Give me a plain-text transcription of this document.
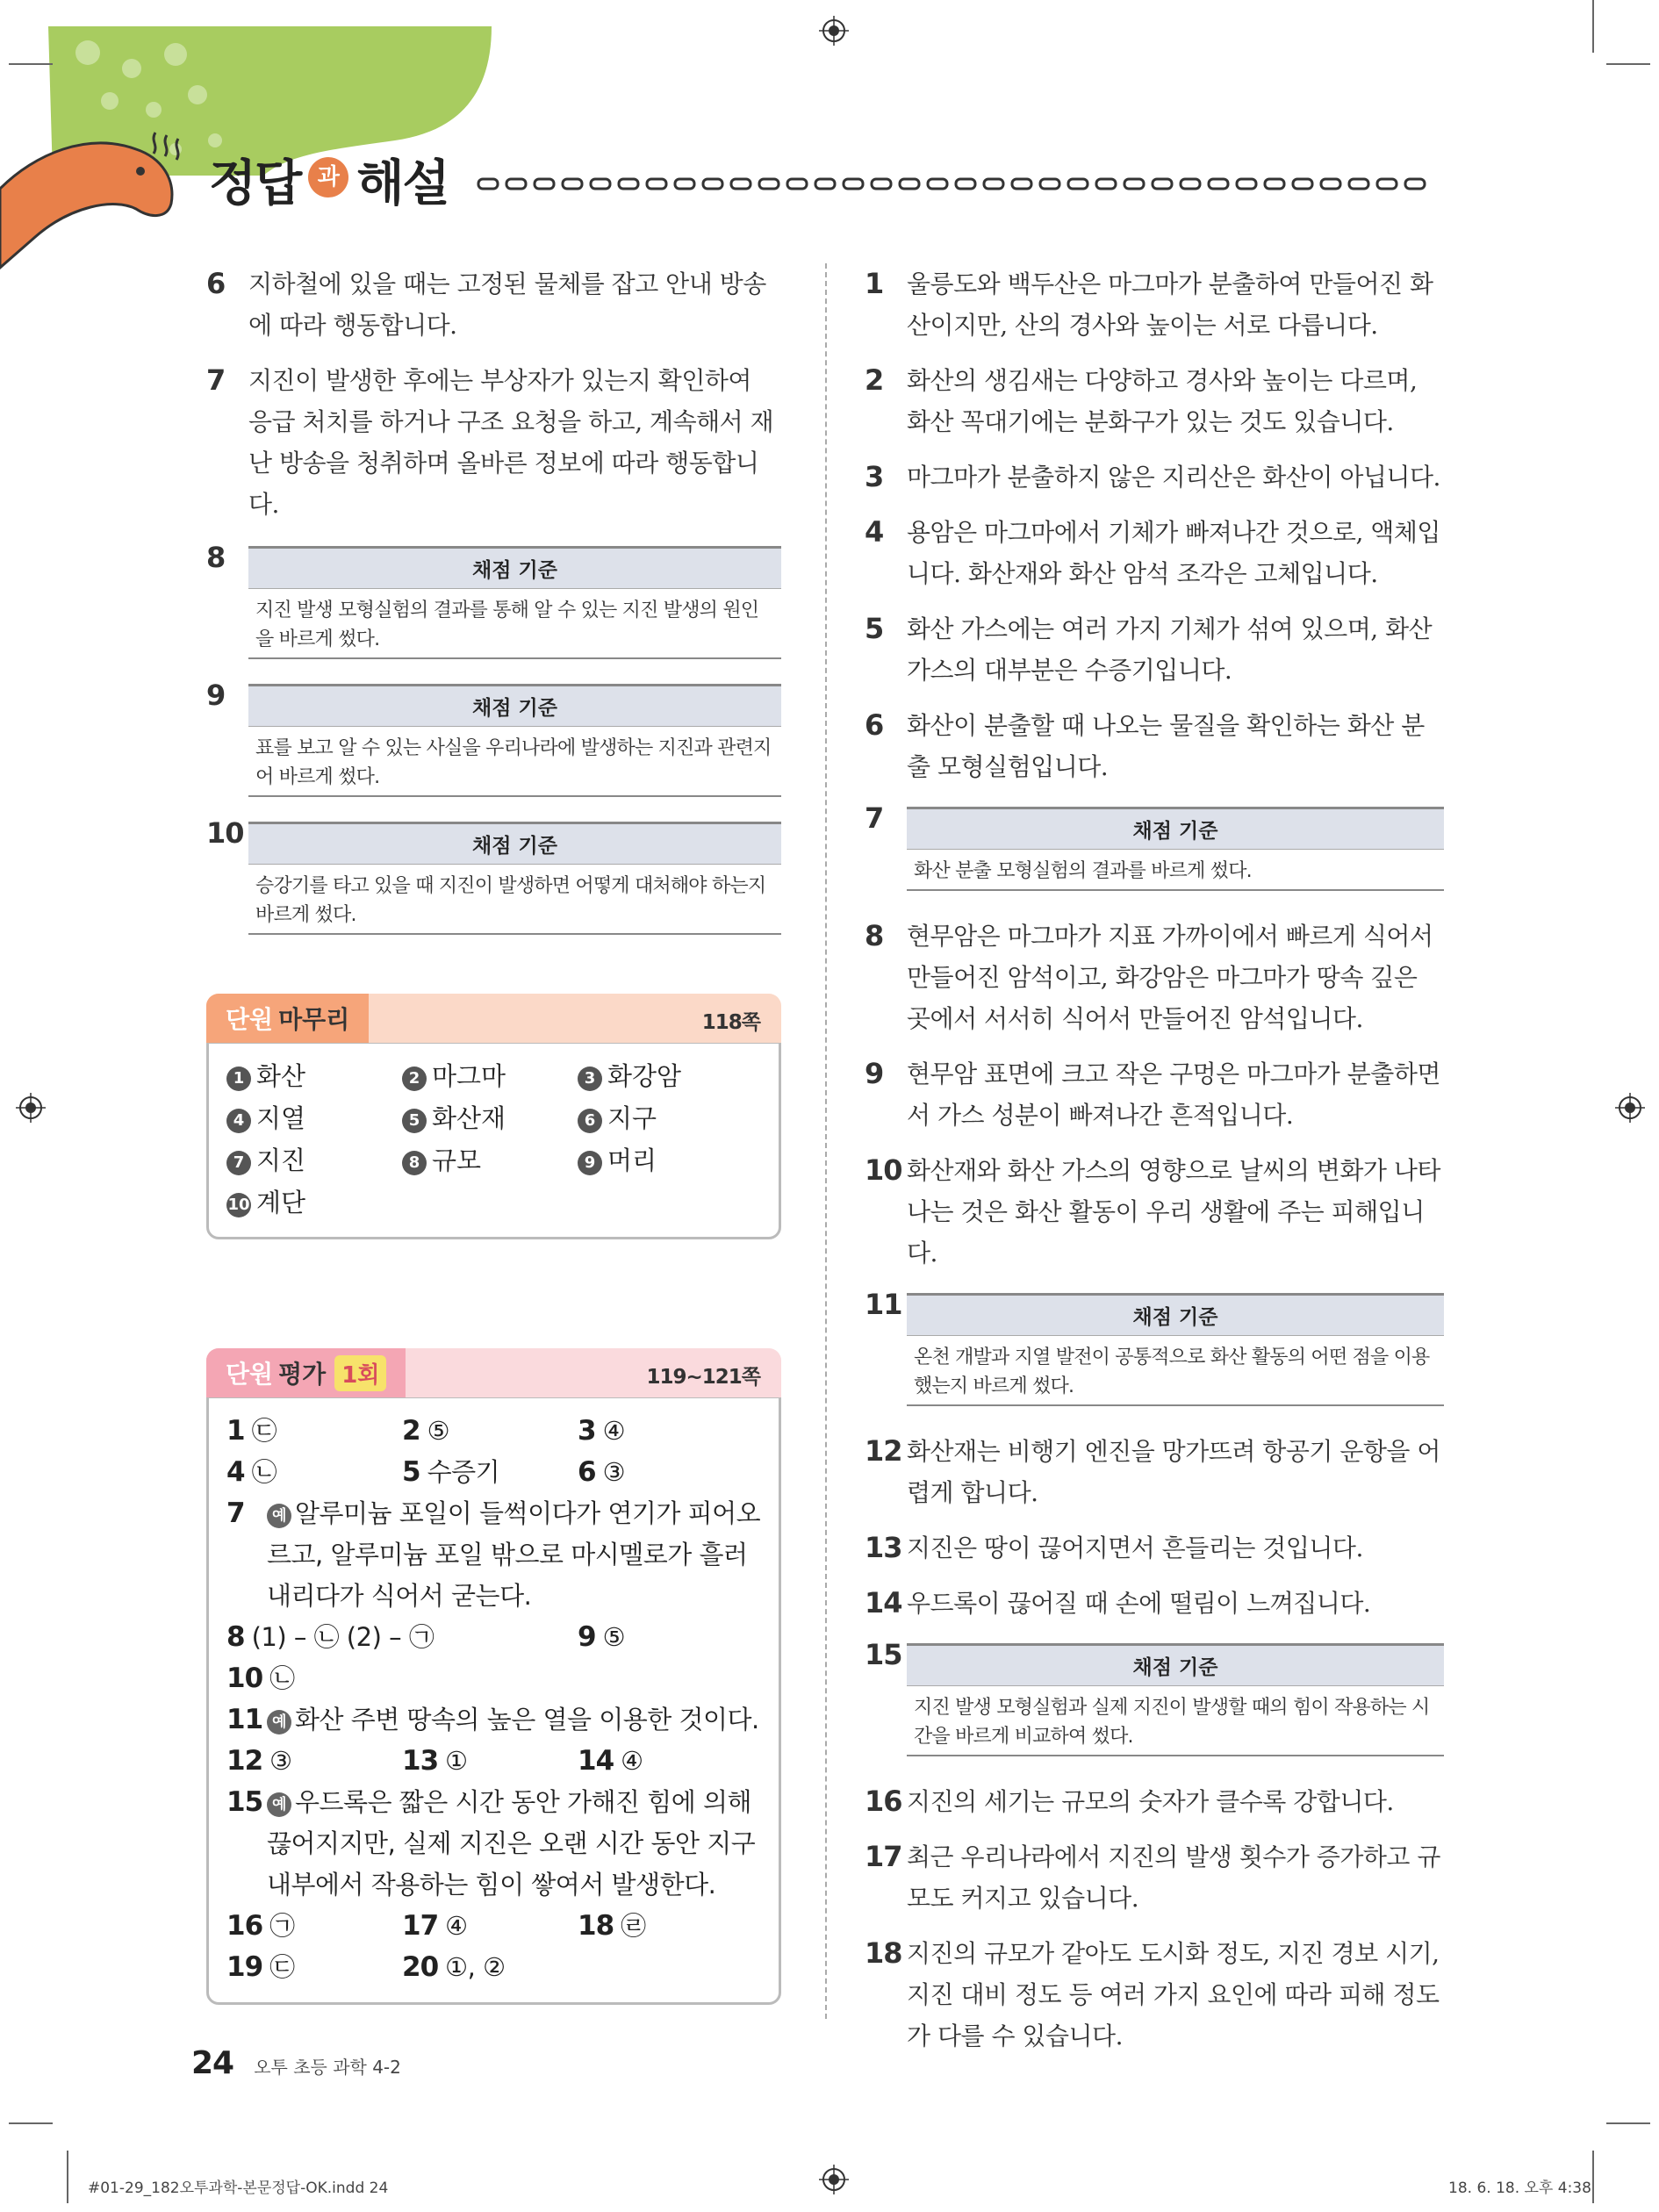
정답 과 해설
6 지하철에 있을 때는 고정된 물체를 잡고 안내 방송에 따라 행동합니다.
7 지진이 발생한 후에는 부상자가 있는지 확인하여 응급 처치를 하거나 구조 요청을 하고, 계속해서 재난 방송을 청취하며 올바른 정보에 따라 행동합니다.
8	채점 기준
지진 발생 모형실험의 결과를 통해 알 수 있는 지진 발생의 원인을 바르게 썼다.
9	채점 기준
표를 보고 알 수 있는 사실을 우리나라에 발생하는 지진과 관련지어 바르게 썼다.
10	채점 기준
승강기를 타고 있을 때 지진이 발생하면 어떻게 대처해야 하는지 바르게 썼다.
단원 마무리	118쪽
1 화산	2 마그마	3 화강암
4 지열	5 화산재	6 지구
7 지진	8 규모	9 머리
10 계단
단원 평가 1회	119~121쪽
1 ㉢	2 ⑤	3 ④
4 ㉡	5 수증기	6 ③
7 예 알루미늄 포일이 들썩이다가 연기가 피어오르고, 알루미늄 포일 밖으로 마시멜로가 흘러내리다가 식어서 굳는다.
8 (1) – ㉡ (2) – ㉠	9 ⑤
10 ㉡
11 예 화산 주변 땅속의 높은 열을 이용한 것이다.
12 ③	13 ①	14 ④
15 예 우드록은 짧은 시간 동안 가해진 힘에 의해 끊어지지만, 실제 지진은 오랜 시간 동안 지구 내부에서 작용하는 힘이 쌓여서 발생한다.
16 ㉠	17 ④	18 ㉣
19 ㉢	20 ①, ②
1 울릉도와 백두산은 마그마가 분출하여 만들어진 화산이지만, 산의 경사와 높이는 서로 다릅니다.
2 화산의 생김새는 다양하고 경사와 높이는 다르며, 화산 꼭대기에는 분화구가 있는 것도 있습니다.
3 마그마가 분출하지 않은 지리산은 화산이 아닙니다.
4 용암은 마그마에서 기체가 빠져나간 것으로, 액체입니다. 화산재와 화산 암석 조각은 고체입니다.
5 화산 가스에는 여러 가지 기체가 섞여 있으며, 화산 가스의 대부분은 수증기입니다.
6 화산이 분출할 때 나오는 물질을 확인하는 화산 분출 모형실험입니다.
7	채점 기준
화산 분출 모형실험의 결과를 바르게 썼다.
8 현무암은 마그마가 지표 가까이에서 빠르게 식어서 만들어진 암석이고, 화강암은 마그마가 땅속 깊은 곳에서 서서히 식어서 만들어진 암석입니다.
9 현무암 표면에 크고 작은 구멍은 마그마가 분출하면서 가스 성분이 빠져나간 흔적입니다.
10 화산재와 화산 가스의 영향으로 날씨의 변화가 나타나는 것은 화산 활동이 우리 생활에 주는 피해입니다.
11	채점 기준
온천 개발과 지열 발전이 공통적으로 화산 활동의 어떤 점을 이용했는지 바르게 썼다.
12 화산재는 비행기 엔진을 망가뜨려 항공기 운항을 어렵게 합니다.
13 지진은 땅이 끊어지면서 흔들리는 것입니다.
14 우드록이 끊어질 때 손에 떨림이 느껴집니다.
15	채점 기준
지진 발생 모형실험과 실제 지진이 발생할 때의 힘이 작용하는 시간을 바르게 비교하여 썼다.
16 지진의 세기는 규모의 숫자가 클수록 강합니다.
17 최근 우리나라에서 지진의 발생 횟수가 증가하고 규모도 커지고 있습니다.
18 지진의 규모가 같아도 도시화 정도, 지진 경보 시기, 지진 대비 정도 등 여러 가지 요인에 따라 피해 정도가 다를 수 있습니다.
24 오투 초등 과학 4-2
#01-29_182오투과학-본문정답-OK.indd 24	18. 6. 18. 오후 4:38
